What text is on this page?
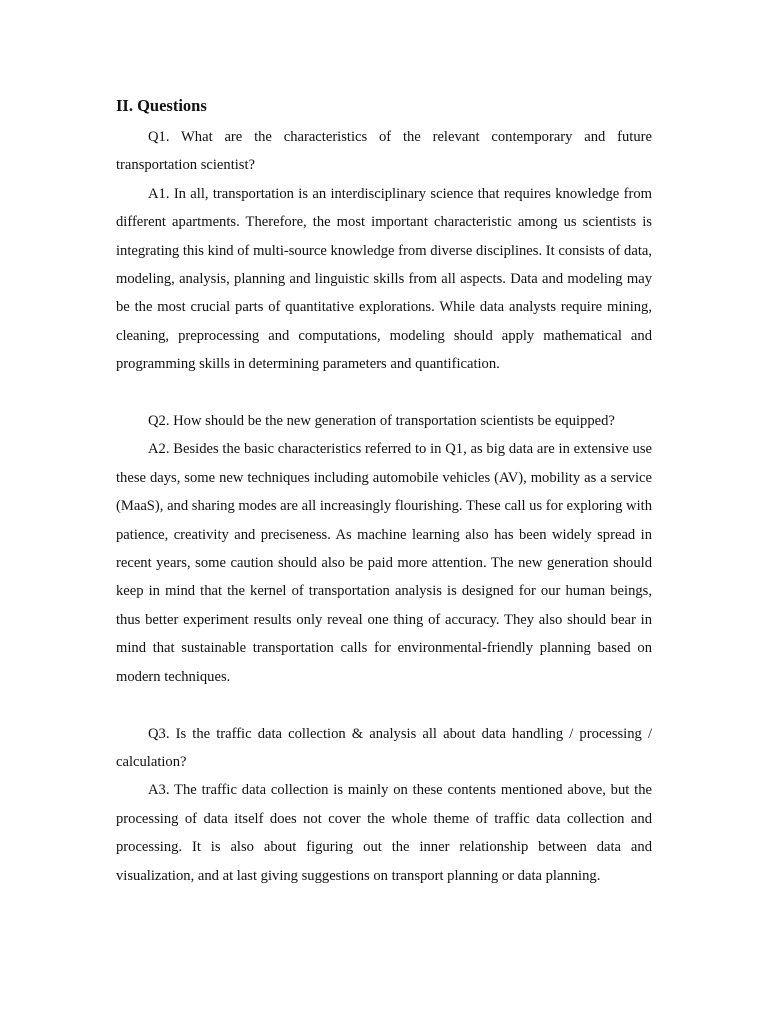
II. Questions

Q1. What are the characteristics of the relevant contemporary and future transportation scientist?

A1. In all, transportation is an interdisciplinary science that requires knowledge from different apartments. Therefore, the most important characteristic among us scientists is integrating this kind of multi-source knowledge from diverse disciplines. It consists of data, modeling, analysis, planning and linguistic skills from all aspects. Data and modeling may be the most crucial parts of quantitative explorations. While data analysts require mining, cleaning, preprocessing and computations, modeling should apply mathematical and programming skills in determining parameters and quantification.

Q2. How should be the new generation of transportation scientists be equipped?

A2. Besides the basic characteristics referred to in Q1, as big data are in extensive use these days, some new techniques including automobile vehicles (AV), mobility as a service (MaaS), and sharing modes are all increasingly flourishing. These call us for exploring with patience, creativity and preciseness. As machine learning also has been widely spread in recent years, some caution should also be paid more attention. The new generation should keep in mind that the kernel of transportation analysis is designed for our human beings, thus better experiment results only reveal one thing of accuracy. They also should bear in mind that sustainable transportation calls for environmental-friendly planning based on modern techniques.

Q3. Is the traffic data collection & analysis all about data handling / processing / calculation?

A3. The traffic data collection is mainly on these contents mentioned above, but the processing of data itself does not cover the whole theme of traffic data collection and processing. It is also about figuring out the inner relationship between data and visualization, and at last giving suggestions on transport planning or data planning.
